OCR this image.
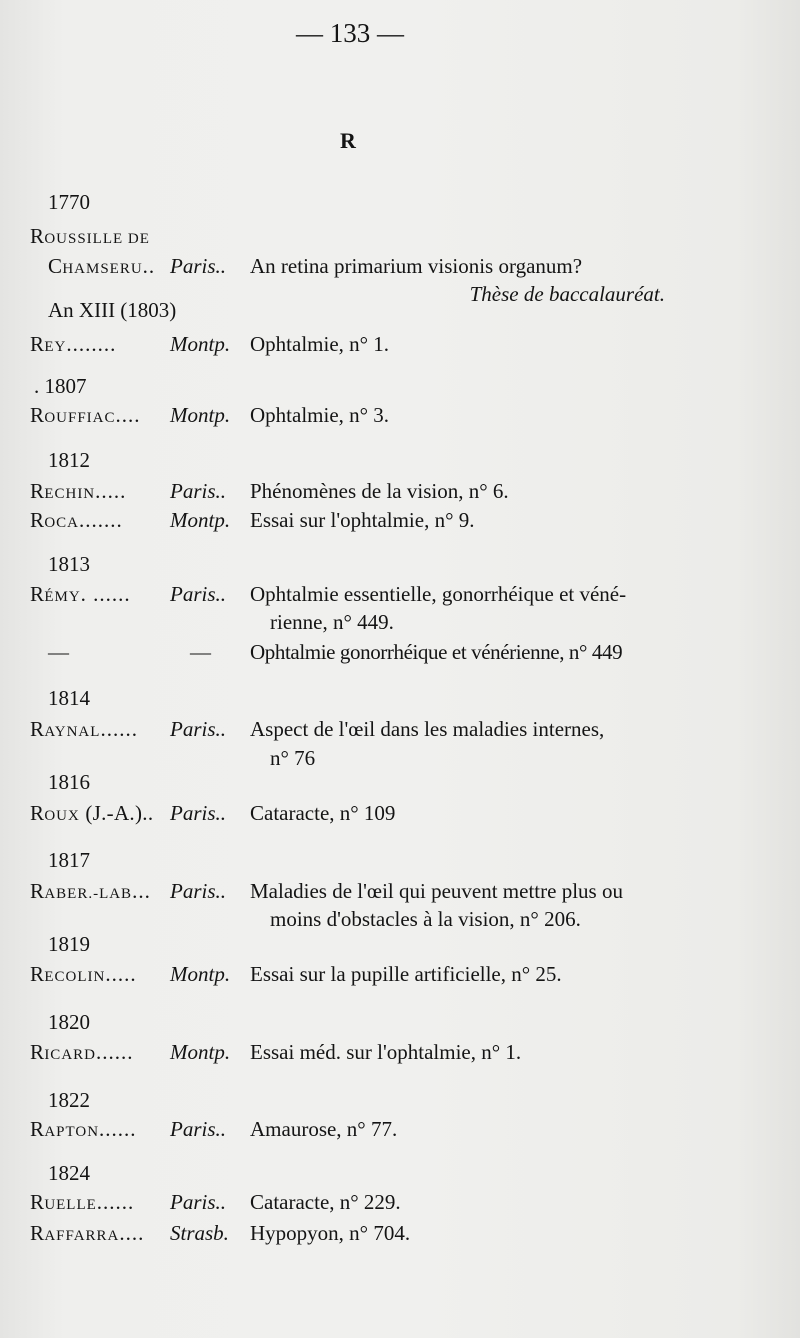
— 133 —
R
1770
ROUSSILLE DE
CHAMSERU.. Paris.. An retina primarium visionis organum?
Thèse de baccalauréat.
An XIII (1803)
REY........	Montp. Ophtalmie, n° 1.
. 1807
ROUFFIAC.... Montp. Ophtalmie, n° 3.
1812
RECHIN..... Paris.. Phénomènes de la vision, n° 6.
ROCA....... Montp. Essai sur l'ophtalmie, n° 9.
1813
RÉMY. ...... Paris.. Ophtalmie essentielle, gonorrhéique et véné-
rienne, n° 449.
—	— Ophtalmie gonorrhéique et vénérienne, n° 449
1814
RAYNAL...... Paris.. Aspect de l'œil dans les maladies internes,
n° 76
1816
ROUX (J.-A.).. Paris.. Cataracte, n° 109
1817
RABER.-LAB... Paris.. Maladies de l'œil qui peuvent mettre plus ou
moins d'obstacles à la vision, n° 206.
1819
RECOLIN..... Montp. Essai sur la pupille artificielle, n° 25.
1820
RICARD...... Montp. Essai méd. sur l'ophtalmie, n° 1.
1822
RAPTON...... Paris.. Amaurose, n° 77.
1824
RUELLE...... Paris.. Cataracte, n° 229.
RAFFARRA.... Strasb. Hypopyon, n° 704.
